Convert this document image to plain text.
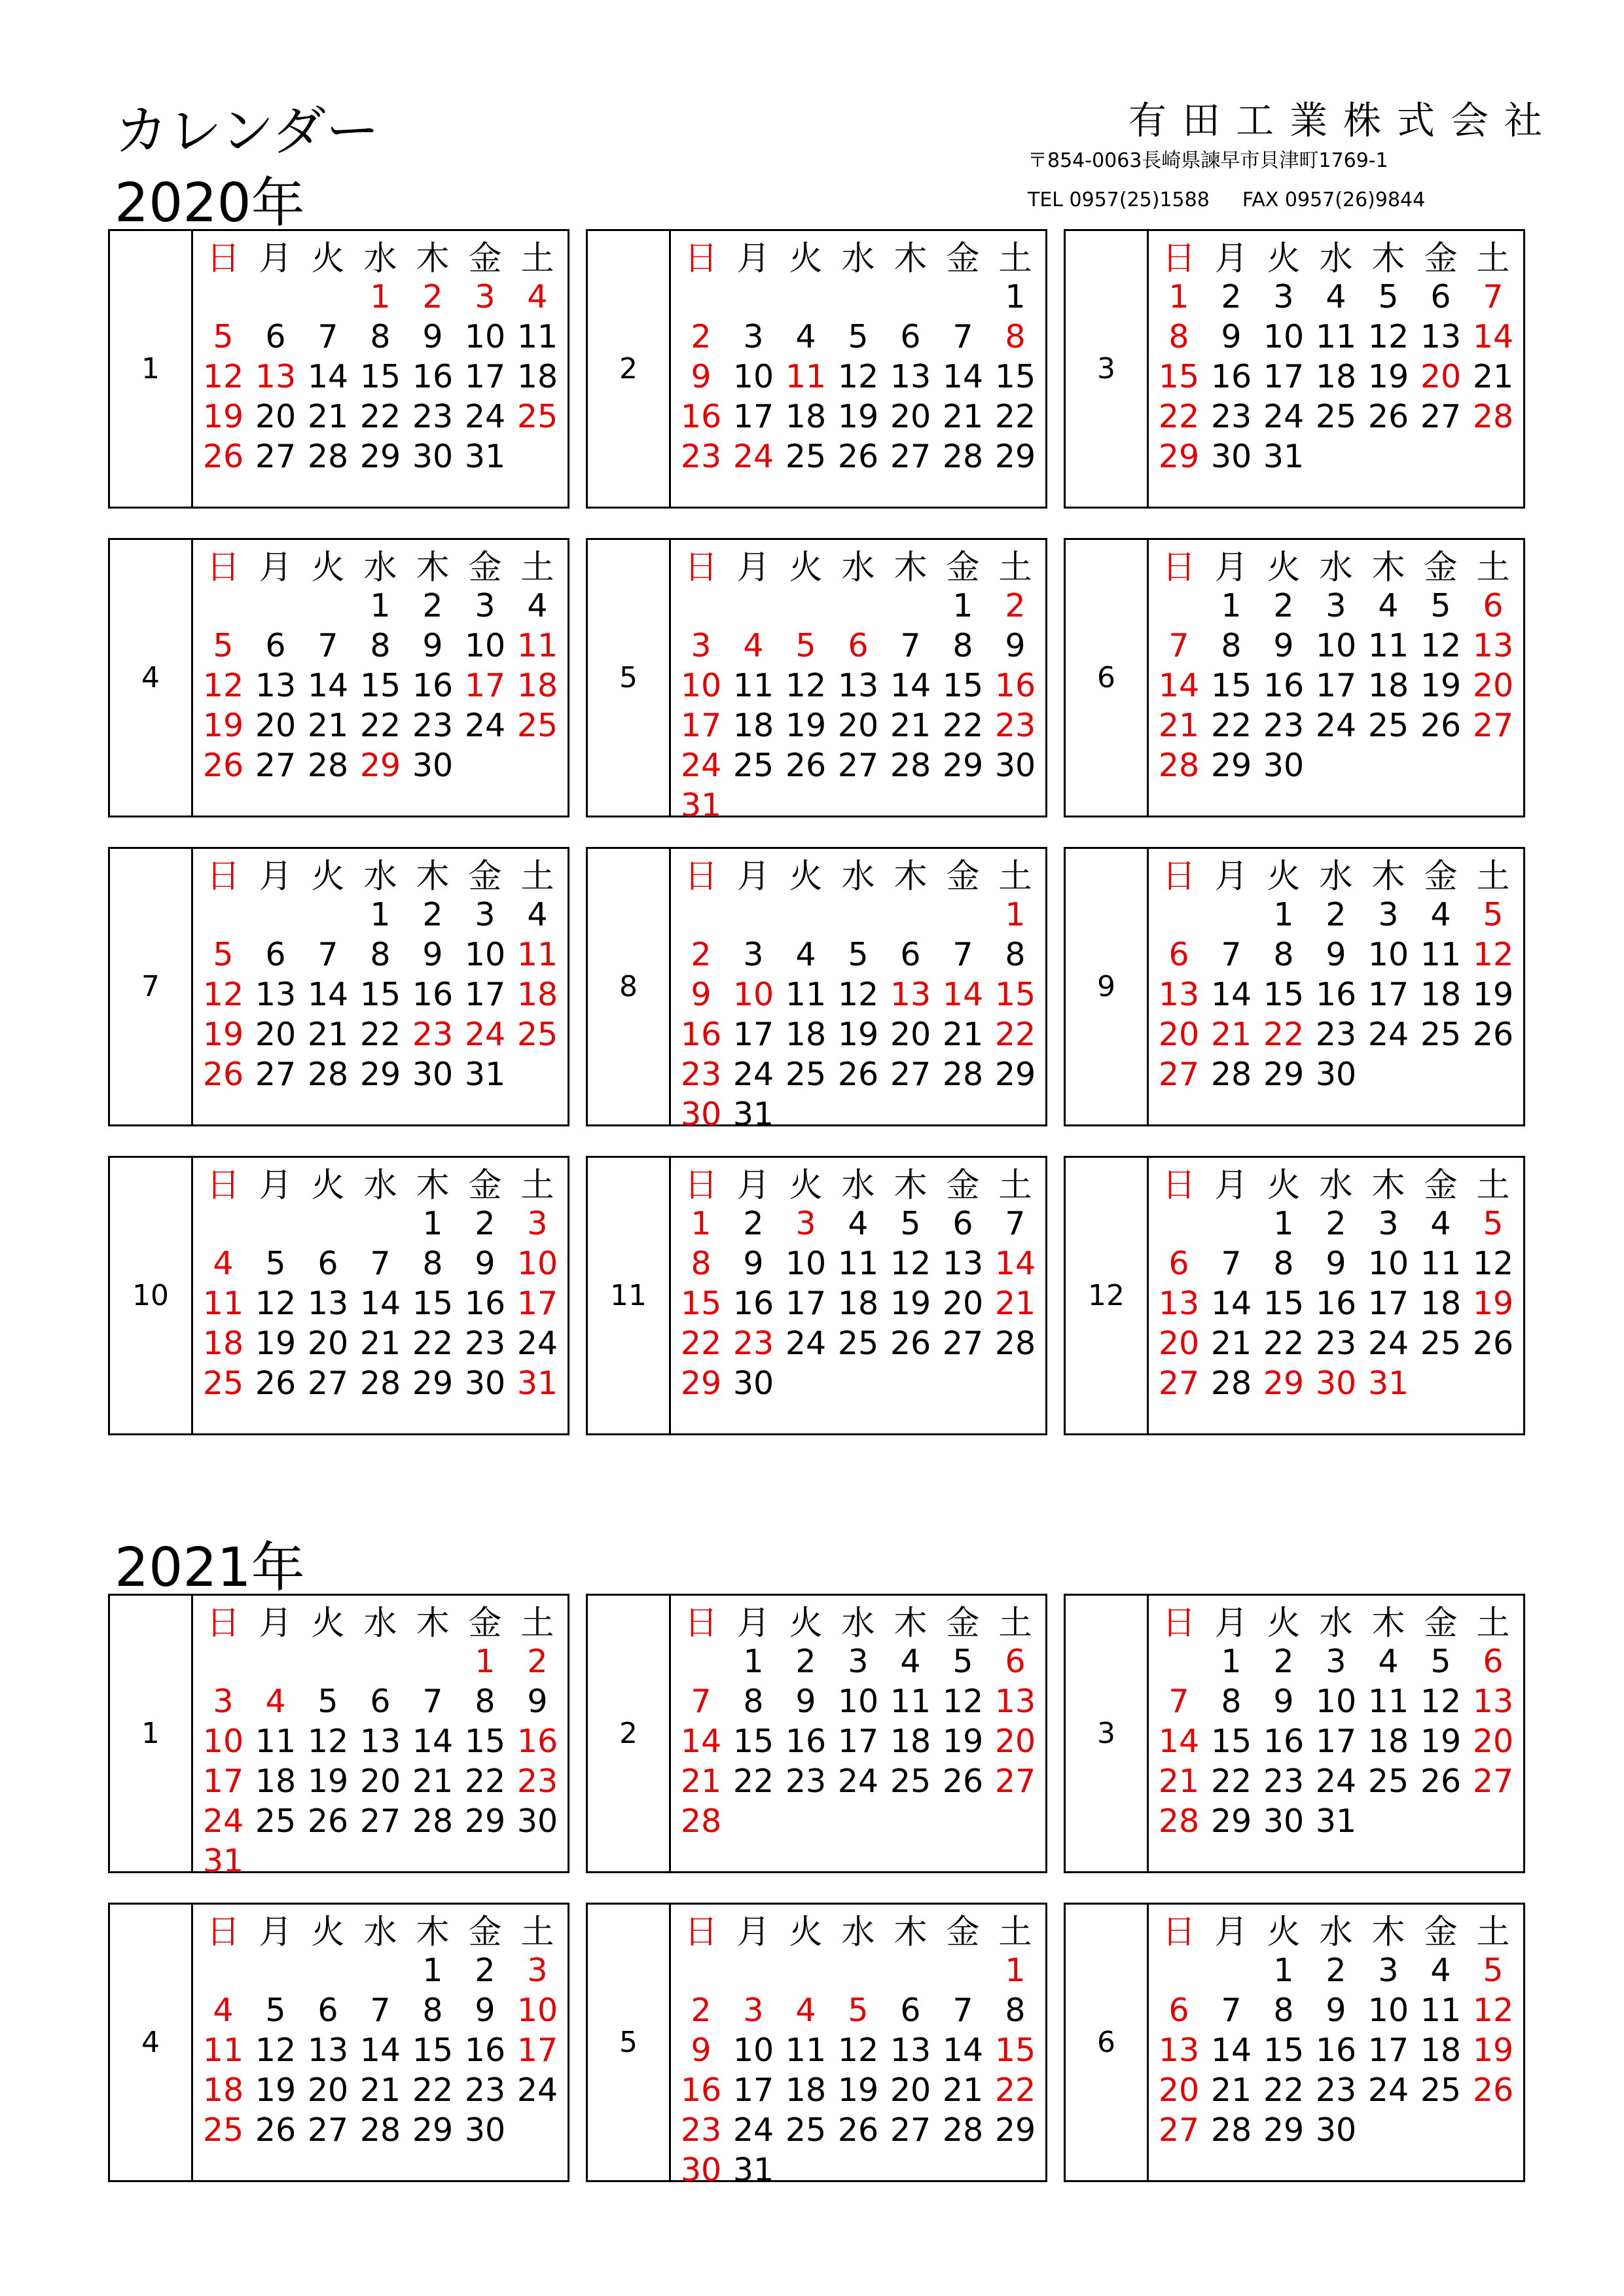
カレンダー	有田工業株式会社
〒854-0063長崎県諫早市貝津町1769-1
TEL 0957(25)1588 FAX 0957(26)9844
2020年
2021年
1
日 月 火 水 木 金 土
1 2 3 4
5 6 7 8 9 10 11
12 13 14 15 16 17 18
19 20 21 22 23 24 25
26 27 28 29 30 31
2
日 月 火 水 木 金 土
1
2 3 4 5 6 7 8
9 10 11 12 13 14 15
16 17 18 19 20 21 22
23 24 25 26 27 28 29
3
日 月 火 水 木 金 土
1 2 3 4 5 6 7
8 9 10 11 12 13 14
15 16 17 18 19 20 21
22 23 24 25 26 27 28
29 30 31
4
日 月 火 水 木 金 土
1 2 3 4
5 6 7 8 9 10 11
12 13 14 15 16 17 18
19 20 21 22 23 24 25
26 27 28 29 30
5
日 月 火 水 木 金 土
1 2
3 4 5 6 7 8 9
10 11 12 13 14 15 16
17 18 19 20 21 22 23
24 25 26 27 28 29 30
31
6
日 月 火 水 木 金 土
1 2 3 4 5 6
7 8 9 10 11 12 13
14 15 16 17 18 19 20
21 22 23 24 25 26 27
28 29 30
7
日 月 火 水 木 金 土
1 2 3 4
5 6 7 8 9 10 11
12 13 14 15 16 17 18
19 20 21 22 23 24 25
26 27 28 29 30 31
8
日 月 火 水 木 金 土
1
2 3 4 5 6 7 8
9 10 11 12 13 14 15
16 17 18 19 20 21 22
23 24 25 26 27 28 29
30 31
9
日 月 火 水 木 金 土
1 2 3 4 5
6 7 8 9 10 11 12
13 14 15 16 17 18 19
20 21 22 23 24 25 26
27 28 29 30
10
日 月 火 水 木 金 土
1 2 3
4 5 6 7 8 9 10
11 12 13 14 15 16 17
18 19 20 21 22 23 24
25 26 27 28 29 30 31
11
日 月 火 水 木 金 土
1 2 3 4 5 6 7
8 9 10 11 12 13 14
15 16 17 18 19 20 21
22 23 24 25 26 27 28
29 30
12
日 月 火 水 木 金 土
1 2 3 4 5
6 7 8 9 10 11 12
13 14 15 16 17 18 19
20 21 22 23 24 25 26
27 28 29 30 31
1
日 月 火 水 木 金 土
1 2
3 4 5 6 7 8 9
10 11 12 13 14 15 16
17 18 19 20 21 22 23
24 25 26 27 28 29 30
31
2
日 月 火 水 木 金 土
1 2 3 4 5 6
7 8 9 10 11 12 13
14 15 16 17 18 19 20
21 22 23 24 25 26 27
28
3
日 月 火 水 木 金 土
1 2 3 4 5 6
7 8 9 10 11 12 13
14 15 16 17 18 19 20
21 22 23 24 25 26 27
28 29 30 31
4
日 月 火 水 木 金 土
1 2 3
4 5 6 7 8 9 10
11 12 13 14 15 16 17
18 19 20 21 22 23 24
25 26 27 28 29 30
5
日 月 火 水 木 金 土
1
2 3 4 5 6 7 8
9 10 11 12 13 14 15
16 17 18 19 20 21 22
23 24 25 26 27 28 29
30 31
6
日 月 火 水 木 金 土
1 2 3 4 5
6 7 8 9 10 11 12
13 14 15 16 17 18 19
20 21 22 23 24 25 26
27 28 29 30
